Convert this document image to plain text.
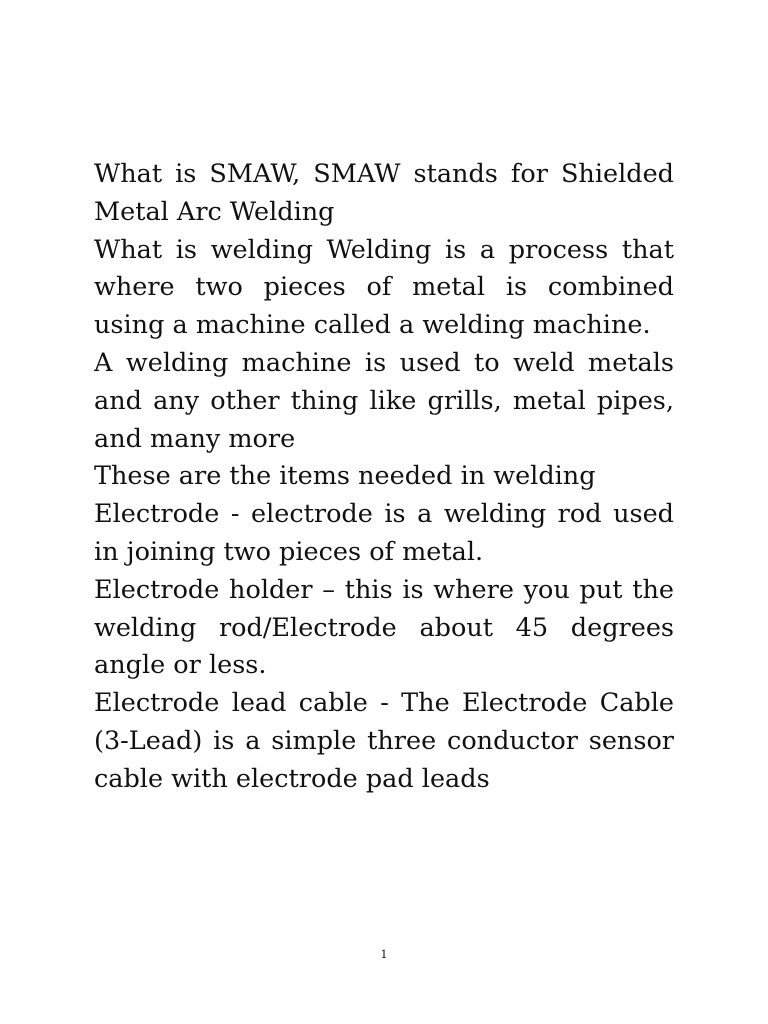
What is SMAW, SMAW stands for Shielded Metal Arc Welding

What is welding Welding is a process that where two pieces of metal is combined using a machine called a welding machine.

A welding machine is used to weld metals and any other thing like grills, metal pipes, and many more

These are the items needed in welding

Electrode - electrode is a welding rod used in joining two pieces of metal.

Electrode holder – this is where you put the welding rod/Electrode about 45 degrees angle or less.

Electrode lead cable - The Electrode Cable (3-Lead) is a simple three conductor sensor cable with electrode pad leads

1
